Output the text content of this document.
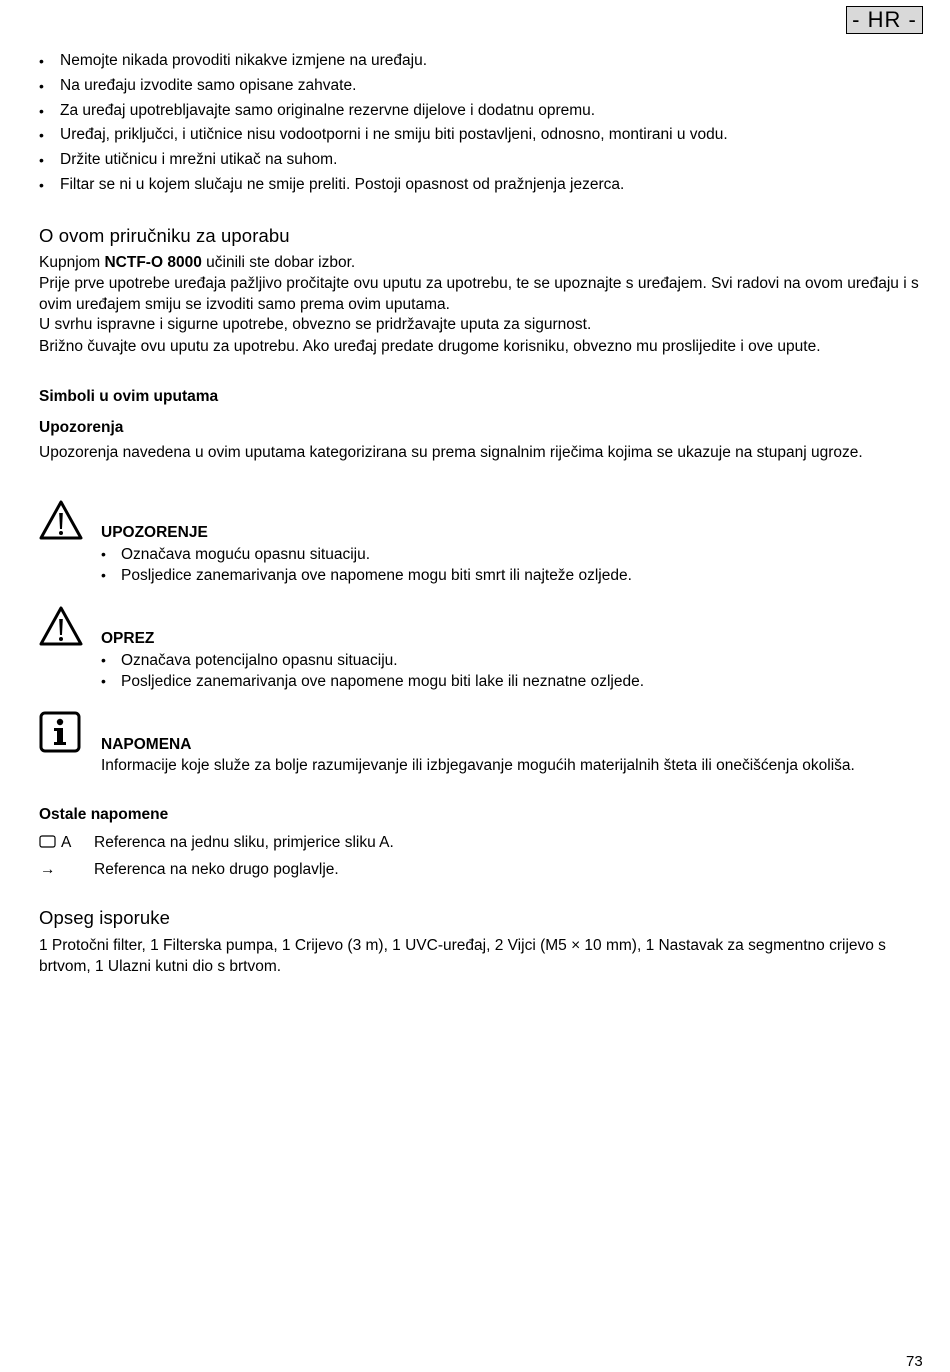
- HR -
• Nemojte nikada provoditi nikakve izmjene na uređaju.
• Na uređaju izvodite samo opisane zahvate.
• Za uređaj upotrebljavajte samo originalne rezervne dijelove i dodatnu opremu.
• Uređaj, priključci, i utičnice nisu vodootporni i ne smiju biti postavljeni, odnosno, montirani u vodu.
• Držite utičnicu i mrežni utikač na suhom.
• Filtar se ni u kojem slučaju ne smije preliti. Postoji opasnost od pražnjenja jezerca.
O ovom priručniku za uporabu

Kupnjom NCTF-O 8000 učinili ste dobar izbor.

Prije prve upotrebe uređaja pažljivo pročitajte ovu uputu za upotrebu, te se upoznajte s uređajem. Svi radovi na ovom uređaju i s ovim uređajem smiju se izvoditi samo prema ovim uputama.

U svrhu ispravne i sigurne upotrebe, obvezno se pridržavajte uputa za sigurnost.

Brižno čuvajte ovu uputu za upotrebu. Ako uređaj predate drugome korisniku, obvezno mu proslijedite i ove upute.

Simboli u ovim uputama
Upozorenja

Upozorenja navedena u ovim uputama kategorizirana su prema signalnim riječima kojima se ukazuje na stupanj ugroze.

UPOZORENJE

• Označava moguću opasnu situaciju.
• Posljedice zanemarivanja ove napomene mogu biti smrt ili najteže ozljede.

OPREZ

• Označava potencijalno opasnu situaciju.
• Posljedice zanemarivanja ove napomene mogu biti lake ili neznatne ozljede.

NAPOMENA

Informacije koje služe za bolje razumijevanje ili izbjegavanje mogućih materijalnih šteta ili onečišćenja okoliša.

Ostale napomene
A	Referenca na jednu sliku, primjerice sliku A.
→	Referenca na neko drugo poglavlje.
Opseg isporuke

1 Protočni filter, 1 Filterska pumpa, 1 Crijevo (3 m), 1 UVC-uređaj, 2 Vijci (M5 × 10 mm), 1 Nastavak za segmentno crijevo s brtvom, 1 Ulazni kutni dio s brtvom.

73
